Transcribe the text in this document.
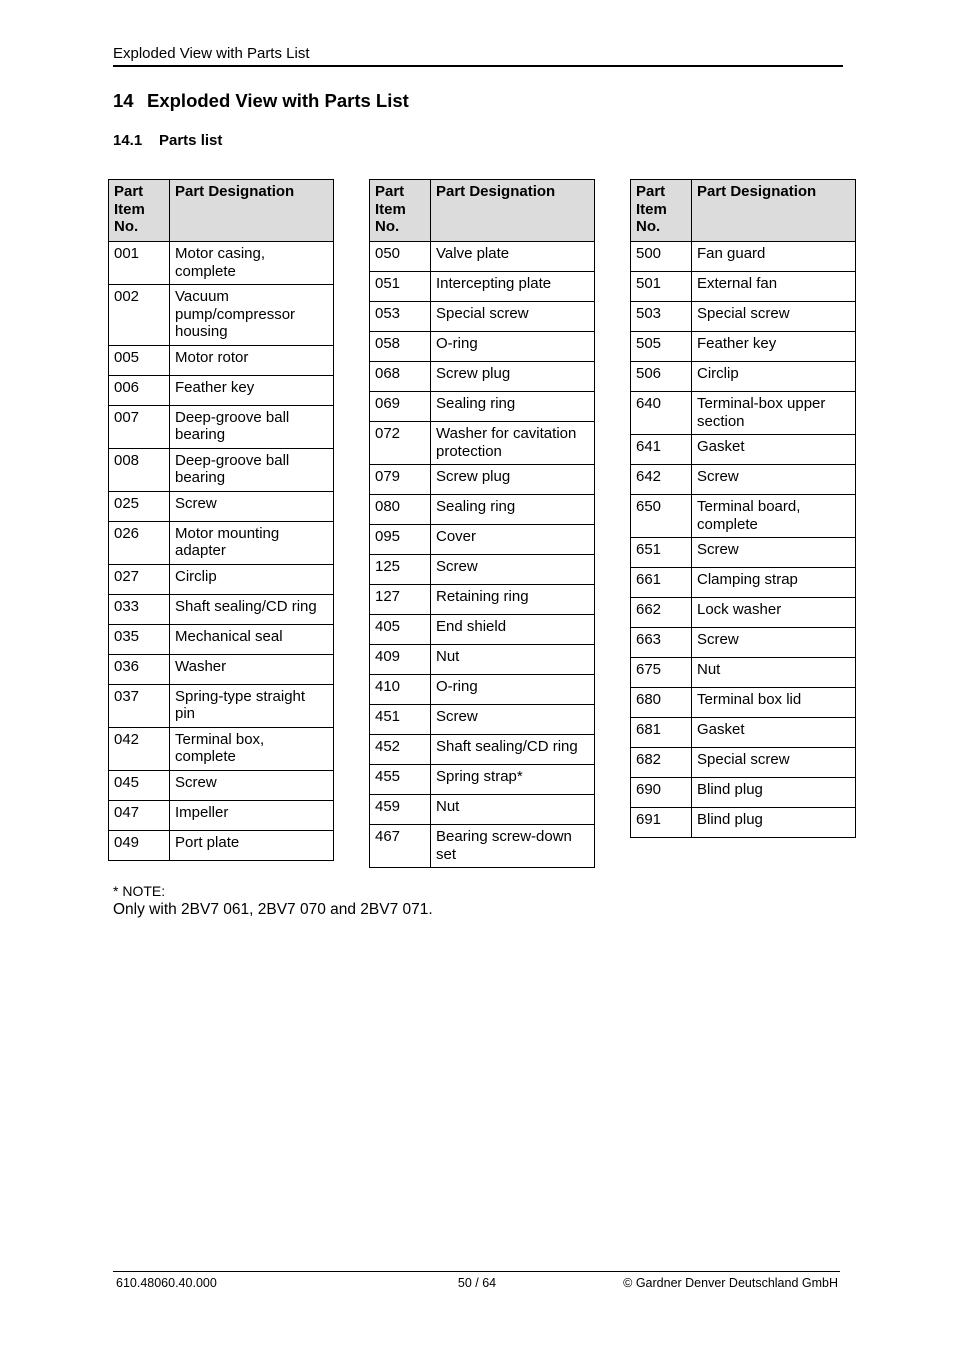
Exploded View with Parts List
14 Exploded View with Parts List
14.1 Parts list
Part Item No.	Part Designation
001	Motor casing, complete
002	Vacuum pump/compressor housing
005	Motor rotor
006	Feather key
007	Deep-groove ball bearing
008	Deep-groove ball bearing
025	Screw
026	Motor mounting adapter
027	Circlip
033	Shaft sealing/CD ring
035	Mechanical seal
036	Washer
037	Spring-type straight pin
042	Terminal box, complete
045	Screw
047	Impeller
049	Port plate
Part Item No.	Part Designation
050	Valve plate
051	Intercepting plate
053	Special screw
058	O-ring
068	Screw plug
069	Sealing ring
072	Washer for cavitation protection
079	Screw plug
080	Sealing ring
095	Cover
125	Screw
127	Retaining ring
405	End shield
409	Nut
410	O-ring
451	Screw
452	Shaft sealing/CD ring
455	Spring strap*
459	Nut
467	Bearing screw-down set
Part Item No.	Part Designation
500	Fan guard
501	External fan
503	Special screw
505	Feather key
506	Circlip
640	Terminal-box upper section
641	Gasket
642	Screw
650	Terminal board, complete
651	Screw
661	Clamping strap
662	Lock washer
663	Screw
675	Nut
680	Terminal box lid
681	Gasket
682	Special screw
690	Blind plug
691	Blind plug
* NOTE:
Only with 2BV7 061, 2BV7 070 and 2BV7 071.
610.48060.40.000	50 / 64	© Gardner Denver Deutschland GmbH
